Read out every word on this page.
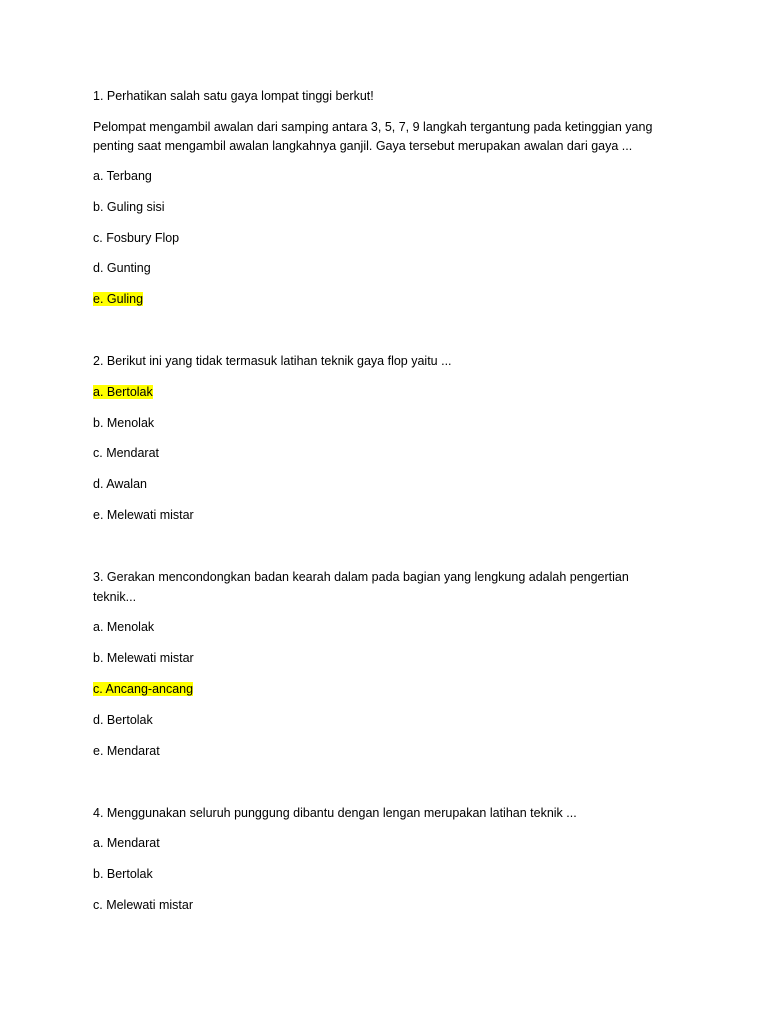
1. Perhatikan salah satu gaya lompat tinggi berkut!
Pelompat mengambil awalan dari samping antara 3, 5, 7, 9 langkah tergantung pada ketinggian yang
penting saat mengambil awalan langkahnya ganjil. Gaya tersebut merupakan awalan dari gaya ...
a. Terbang
b. Guling sisi
c. Fosbury Flop
d. Gunting
e. Guling
2. Berikut ini yang tidak termasuk latihan teknik gaya flop yaitu ...
a. Bertolak
b. Menolak
c. Mendarat
d. Awalan
e. Melewati mistar
3. Gerakan mencondongkan badan kearah dalam pada bagian yang lengkung adalah pengertian
teknik...
a. Menolak
b. Melewati mistar
c. Ancang-ancang
d. Bertolak
e. Mendarat
4. Menggunakan seluruh punggung dibantu dengan lengan merupakan latihan teknik ...
a. Mendarat
b. Bertolak
c. Melewati mistar
